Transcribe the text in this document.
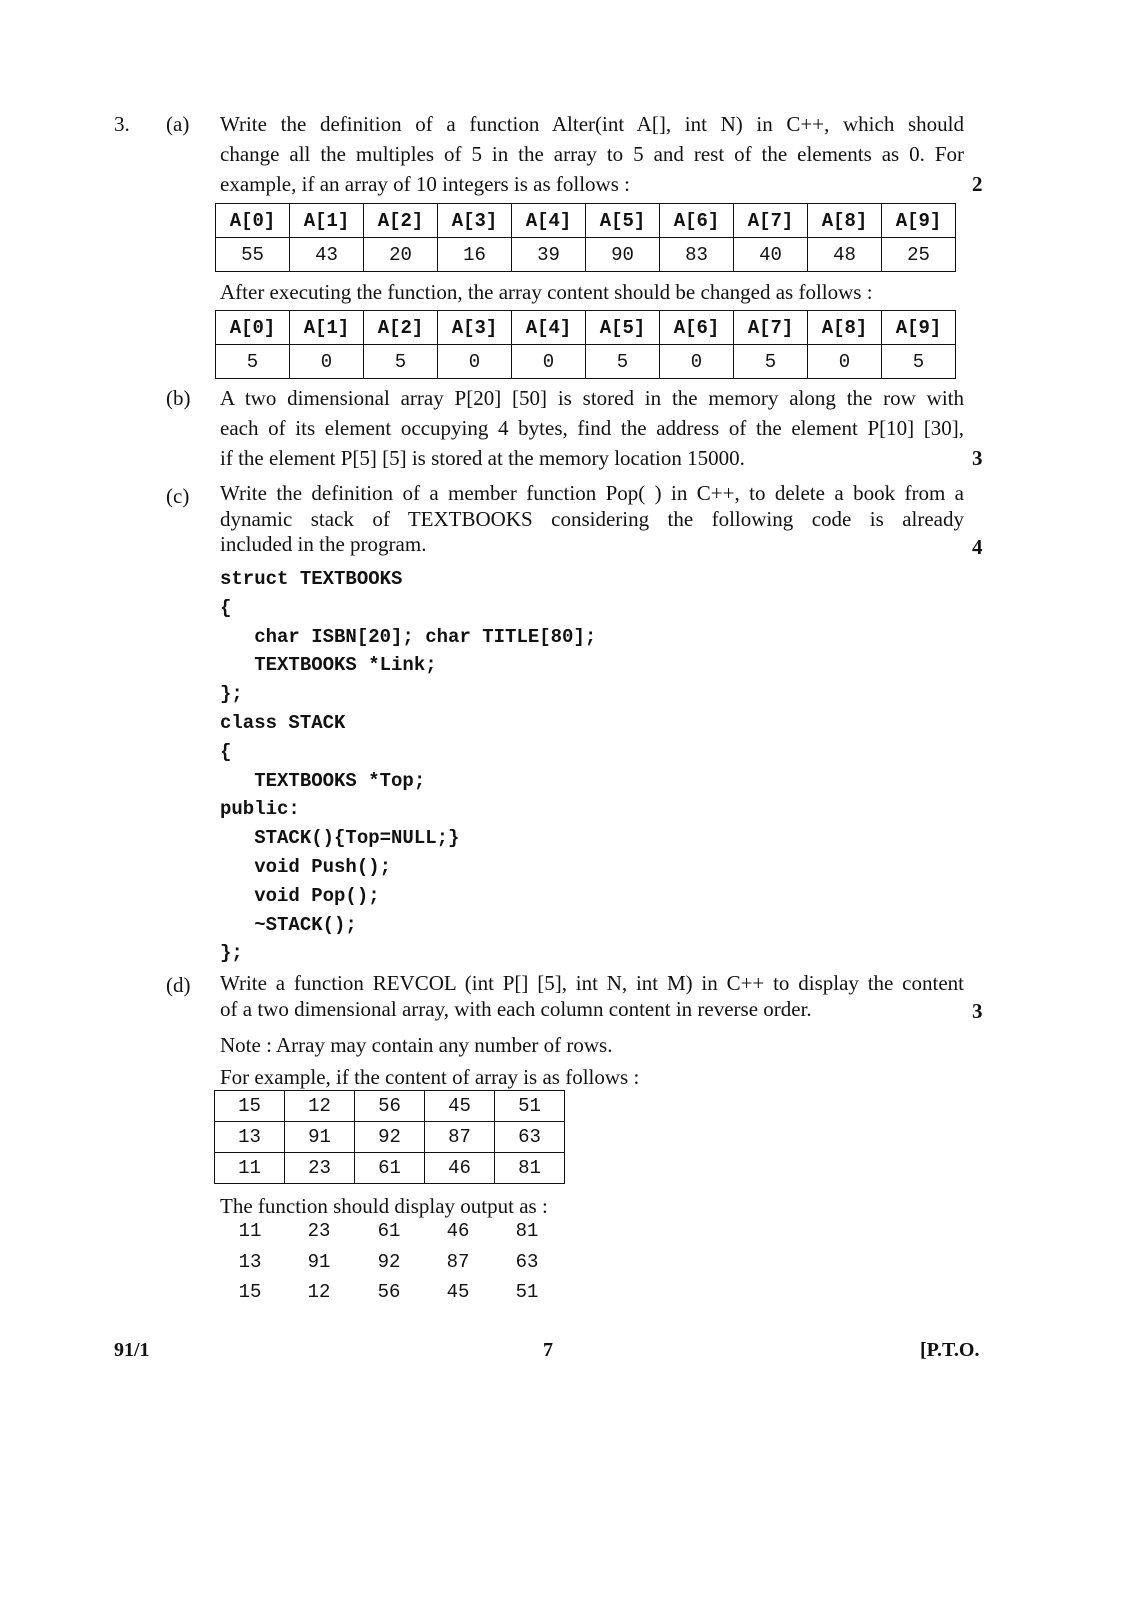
3. (a) Write the definition of a function Alter(int A[], int N) in C++, which should
change all the multiples of 5 in the array to 5 and rest of the elements as 0. For
example, if an array of 10 integers is as follows :	2
A[0]	A[1]	A[2]	A[3]	A[4]	A[5]	A[6]	A[7]	A[8]	A[9]
55	43	20	16	39	90	83	40	48	25
After executing the function, the array content should be changed as follows :
A[0]	A[1]	A[2]	A[3]	A[4]	A[5]	A[6]	A[7]	A[8]	A[9]
5	0	5	0	0	5	0	5	0	5
(b) A two dimensional array P[20] [50] is stored in the memory along the row with
each of its element occupying 4 bytes, find the address of the element P[10] [30],
if the element P[5] [5] is stored at the memory location 15000.	3
(c) Write the definition of a member function Pop( ) in C++, to delete a book from a
dynamic stack of TEXTBOOKS considering the following code is already
included in the program.	4
struct TEXTBOOKS
{
char ISBN[20]; char TITLE[80];
TEXTBOOKS *Link;
};
class STACK
{
TEXTBOOKS *Top;
public:
STACK(){Top=NULL;}
void Push();
void Pop();
~STACK();
};
(d) Write a function REVCOL (int P[] [5], int N, int M) in C++ to display the content
of a two dimensional array, with each column content in reverse order.	3
Note : Array may contain any number of rows.
For example, if the content of array is as follows :
15	12	56	45	51
13	91	92	87	63
11	23	61	46	81
The function should display output as :
11	23	61	46	81
13	91	92	87	63
15	12	56	45	51
91/1	7	[P.T.O.
